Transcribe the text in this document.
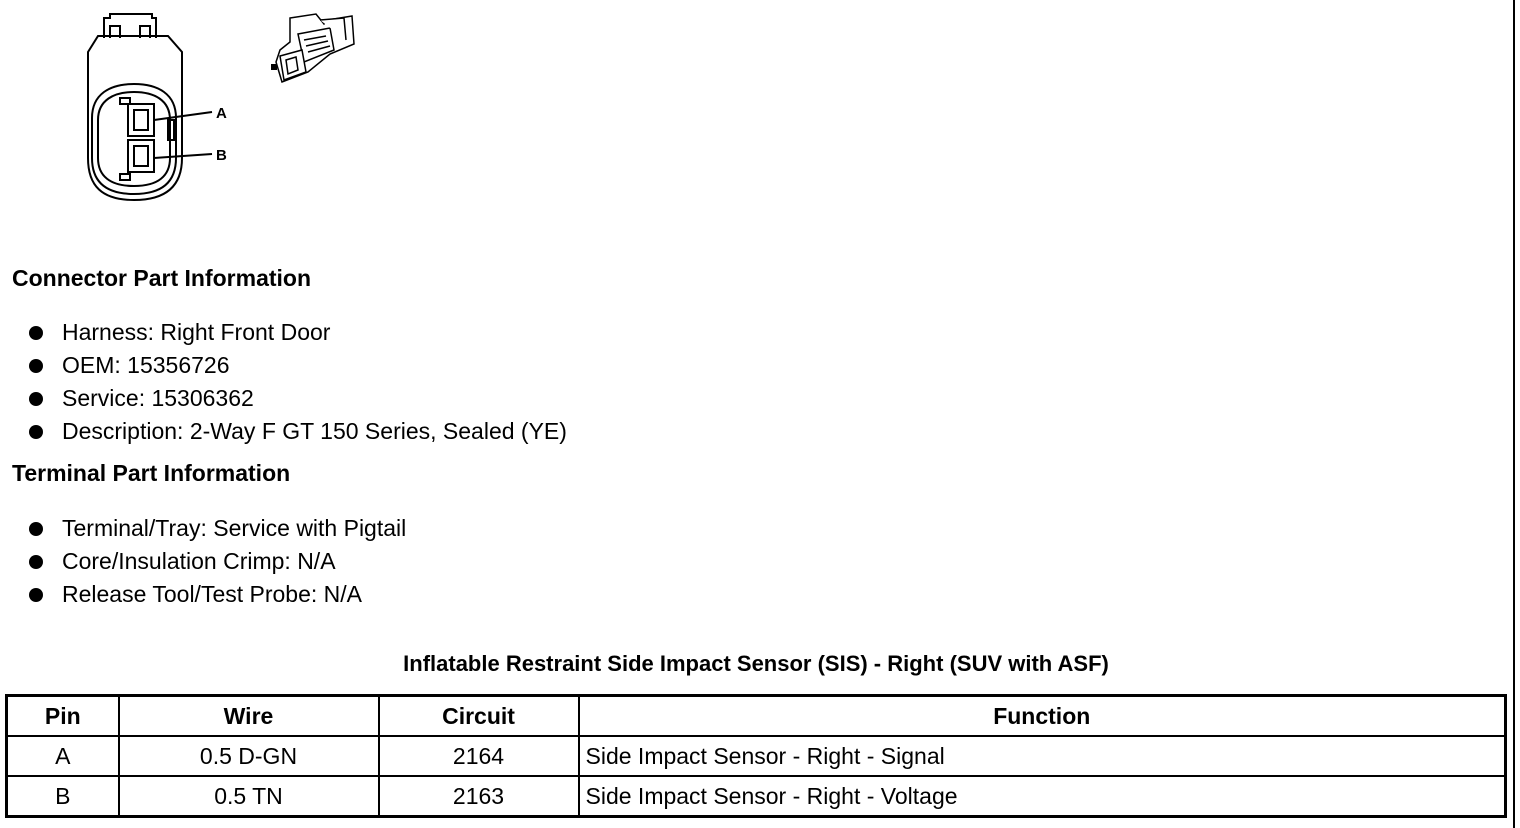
A
B
Connector Part Information
Harness: Right Front Door
OEM: 15356726
Service: 15306362
Description: 2-Way F GT 150 Series, Sealed (YE)
Terminal Part Information
Terminal/Tray: Service with Pigtail
Core/Insulation Crimp: N/A
Release Tool/Test Probe: N/A
Inflatable Restraint Side Impact Sensor (SIS) - Right (SUV with ASF)
Pin	Wire	Circuit	Function
A	0.5 D-GN	2164	Side Impact Sensor - Right - Signal
B	0.5 TN	2163	Side Impact Sensor - Right - Voltage
